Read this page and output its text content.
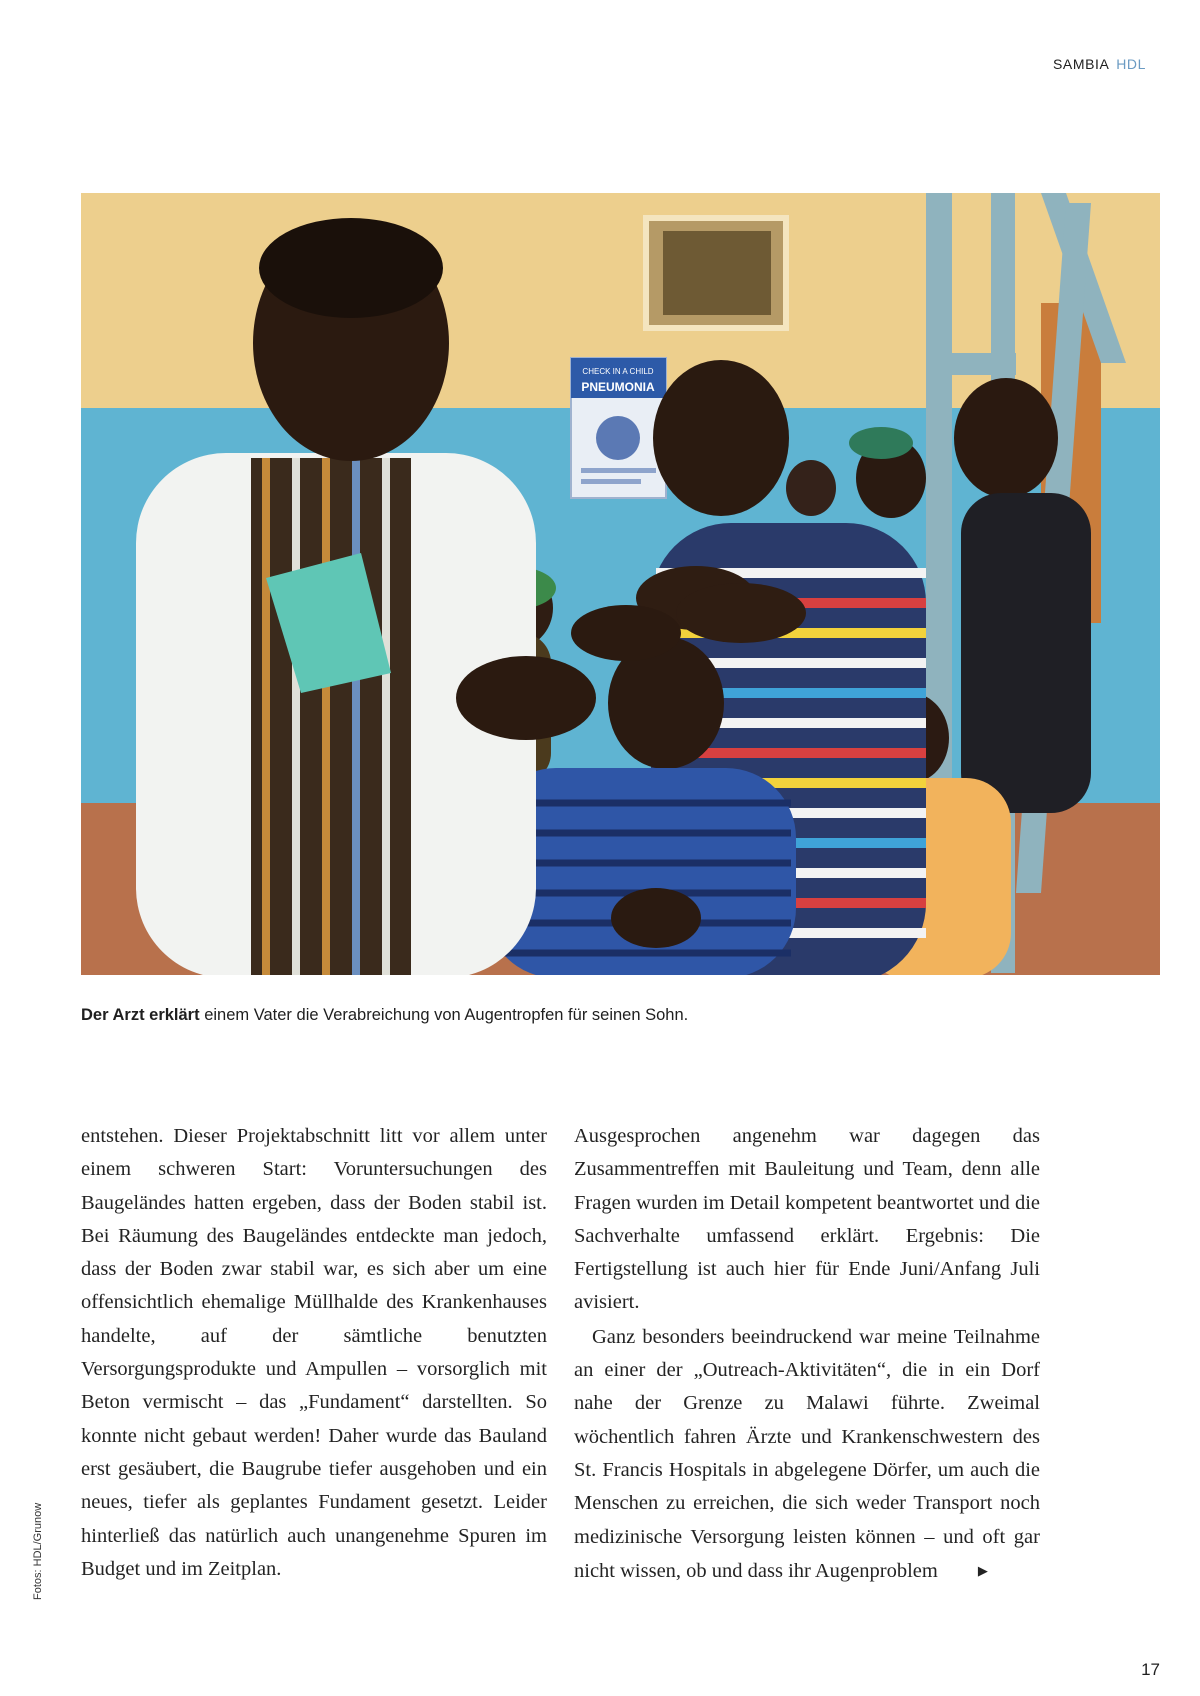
SAMBIA HDL
CHECK IN A CHILD
PNEUMONIA
Der Arzt erklärt einem Vater die Verabreichung von Augentropfen für seinen Sohn.

entstehen. Dieser Projektabschnitt litt vor allem unter einem schweren Start: Voruntersuchungen des Baugeländes hatten ergeben, dass der Boden stabil ist. Bei Räumung des Baugeländes entdeckte man jedoch, dass der Boden zwar stabil war, es sich aber um eine offensichtlich ehemalige Müllhalde des Krankenhauses handelte, auf der sämtliche benutzten Versorgungsprodukte und Ampullen – vorsorglich mit Beton vermischt – das „Fundament“ darstellten. So konnte nicht gebaut werden! Daher wurde das Bauland erst gesäubert, die Baugrube tiefer ausgehoben und ein neues, tiefer als geplantes Fundament gesetzt. Leider hinterließ das natürlich auch unangenehme Spuren im Budget und im Zeitplan.

Ausgesprochen angenehm war dagegen das Zusammentreffen mit Bauleitung und Team, denn alle Fragen wurden im Detail kompetent beantwortet und die Sachverhalte umfassend erklärt. Ergebnis: Die Fertigstellung ist auch hier für Ende Juni/Anfang Juli avisiert.

Ganz besonders beeindruckend war meine Teilnahme an einer der „Outreach-Aktivitäten“, die in ein Dorf nahe der Grenze zu Malawi führte. Zweimal wöchentlich fahren Ärzte und Krankenschwestern des St. Francis Hospitals in abgelegene Dörfer, um auch die Menschen zu erreichen, die sich weder Transport noch medizinische Versorgung leisten können – und oft gar nicht wissen, ob und dass ihr Augenproblem	▶

Fotos: HDL/Grunow
17
